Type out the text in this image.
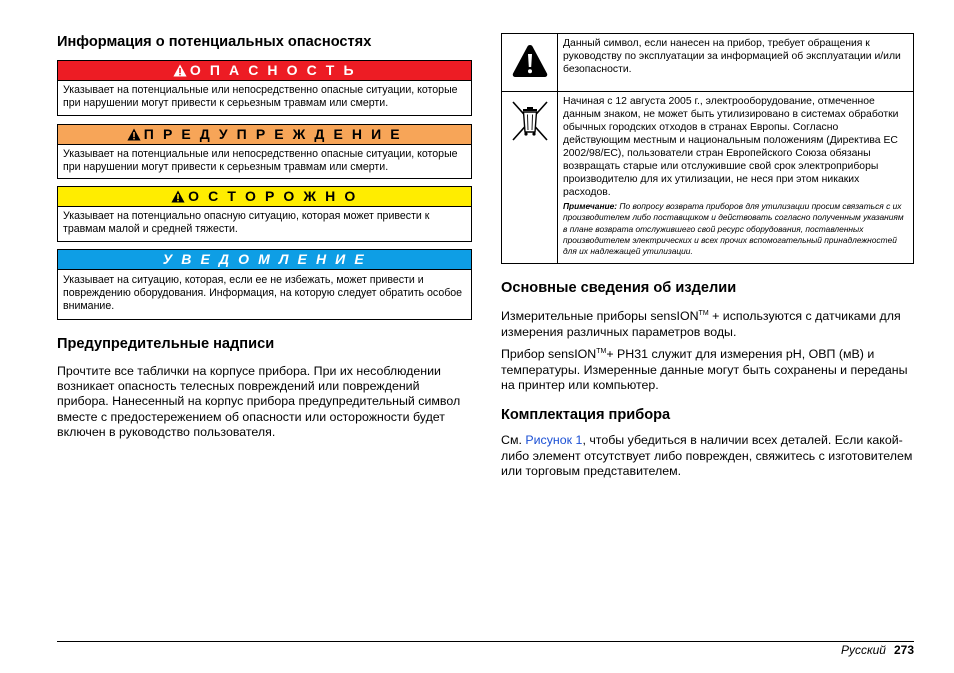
Информация о потенциальных опасностях
О П А С Н О С Т Ь
Указывает на потенциальные или непосредственно опасные ситуации, которые при нарушении могут привести к серьезным травмам или смерти.
П Р Е Д У П Р Е Ж Д Е Н И Е
Указывает на потенциальные или непосредственно опасные ситуации, которые при нарушении могут привести к серьезным травмам или смерти.
О С Т О Р О Ж Н О
Указывает на потенциально опасную ситуацию, которая может привести к травмам малой и средней тяжести.
У В Е Д О М Л Е Н И Е
Указывает на ситуацию, которая, если ее не избежать, может привести и повреждению оборудования. Информация, на которую следует обратить особое внимание.
Предупредительные надписи

Прочтите все таблички на корпусе прибора. При их несоблюдении возникает опасность телесных повреждений или повреждений прибора. Нанесенный на корпус прибора предупредительный символ вместе с предостережением об опасности или осторожности будет включен в руководство пользователя.

	Данный символ, если нанесен на прибор, требует обращения к руководству по эксплуатации за информацией об эксплуатации и/или безопасности.

Начиная с 12 августа 2005 г., электрооборудование, отмеченное данным знаком, не может быть утилизировано в системах обработки обычных городских отходов в странах Европы. Согласно действующим местным и национальным положениям (Директива ЕС 2002/98/ЕС), пользователи стран Европейского Союза обязаны возвращать старые или отслужившие свой срок электроприборы производителю для их утилизации, не неся при этом никаких расходов.
Примечание: По вопросу возврата приборов для утилизации просим связаться с их производителем либо поставщиком и действовать согласно полученным указаниям в плане возврата отслужившего свой ресурс оборудования, поставленных производителем электрических и всех прочих вспомогательный принадлежностей для их надлежащей утилизации.
Основные сведения об изделии

Измерительные приборы sensION™ + используются с датчиками для измерения различных параметров воды.

Прибор sensION™+ PH31 служит для измерения pH, ОВП (мВ) и температуры. Измеренные данные могут быть сохранены и переданы на принтер или компьютер.

Комплектация прибора

См. Рисунок 1, чтобы убедиться в наличии всех деталей. Если какой-либо элемент отсутствует либо поврежден, свяжитесь с изготовителем или торговым представителем.

Русский 273
